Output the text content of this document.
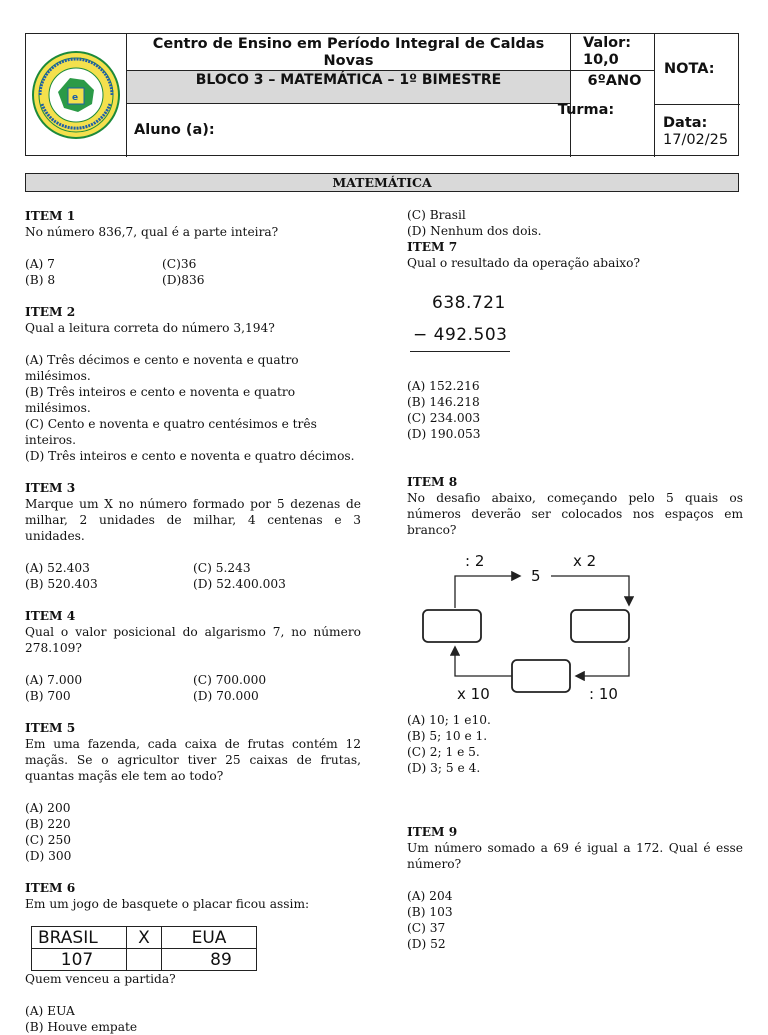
e
Centro de Ensino em Período Integral de Caldas Novas
BLOCO 3 – MATEMÁTICA – 1º BIMESTRE
Aluno (a):
Valor:
10,0
6ºANO
NOTA:
Data:
17/02/25
Turma:
MATEMÁTICA
ITEM 1
No número 836,7, qual é a parte inteira?
(A) 7	(C)36
(B) 8	(D)836
ITEM 2
Qual a leitura correta do número 3,194?
(A) Três décimos e cento e noventa e quatro milésimos.
(B) Três inteiros e cento e noventa e quatro milésimos.
(C) Cento e noventa e quatro centésimos e três inteiros.
(D) Três inteiros e cento e noventa e quatro décimos.
ITEM 3
Marque um X no número formado por 5 dezenas de milhar, 2 unidades de milhar, 4 centenas e 3 unidades.
(A) 52.403	(C) 5.243
(B) 520.403	(D) 52.400.003
ITEM 4
Qual o valor posicional do algarismo 7, no número 278.109?
(A) 7.000	(C) 700.000
(B) 700	(D) 70.000
ITEM 5
Em uma fazenda, cada caixa de frutas contém 12 maçãs. Se o agricultor tiver 25 caixas de frutas, quantas maçãs ele tem ao todo?
(A) 200
(B) 220
(C) 250
(D) 300
ITEM 6
Em um jogo de basquete o placar ficou assim:
BRASIL	X	EUA
107		89
Quem venceu a partida?
(A) EUA
(B) Houve empate
(C) Brasil
(D) Nenhum dos dois.
ITEM 7
Qual o resultado da operação abaixo?
638.721
− 492.503
(A) 152.216
(B) 146.218
(C) 234.003
(D) 190.053
ITEM 8
No desafio abaixo, começando pelo 5 quais os números deverão ser colocados nos espaços em branco?
: 2
5
x 2
x 10	: 10
(A) 10; 1 e10.
(B) 5; 10 e 1.
(C) 2; 1 e 5.
(D) 3; 5 e 4.
ITEM 9
Um número somado a 69 é igual a 172. Qual é esse número?
(A) 204
(B) 103
(C) 37
(D) 52
